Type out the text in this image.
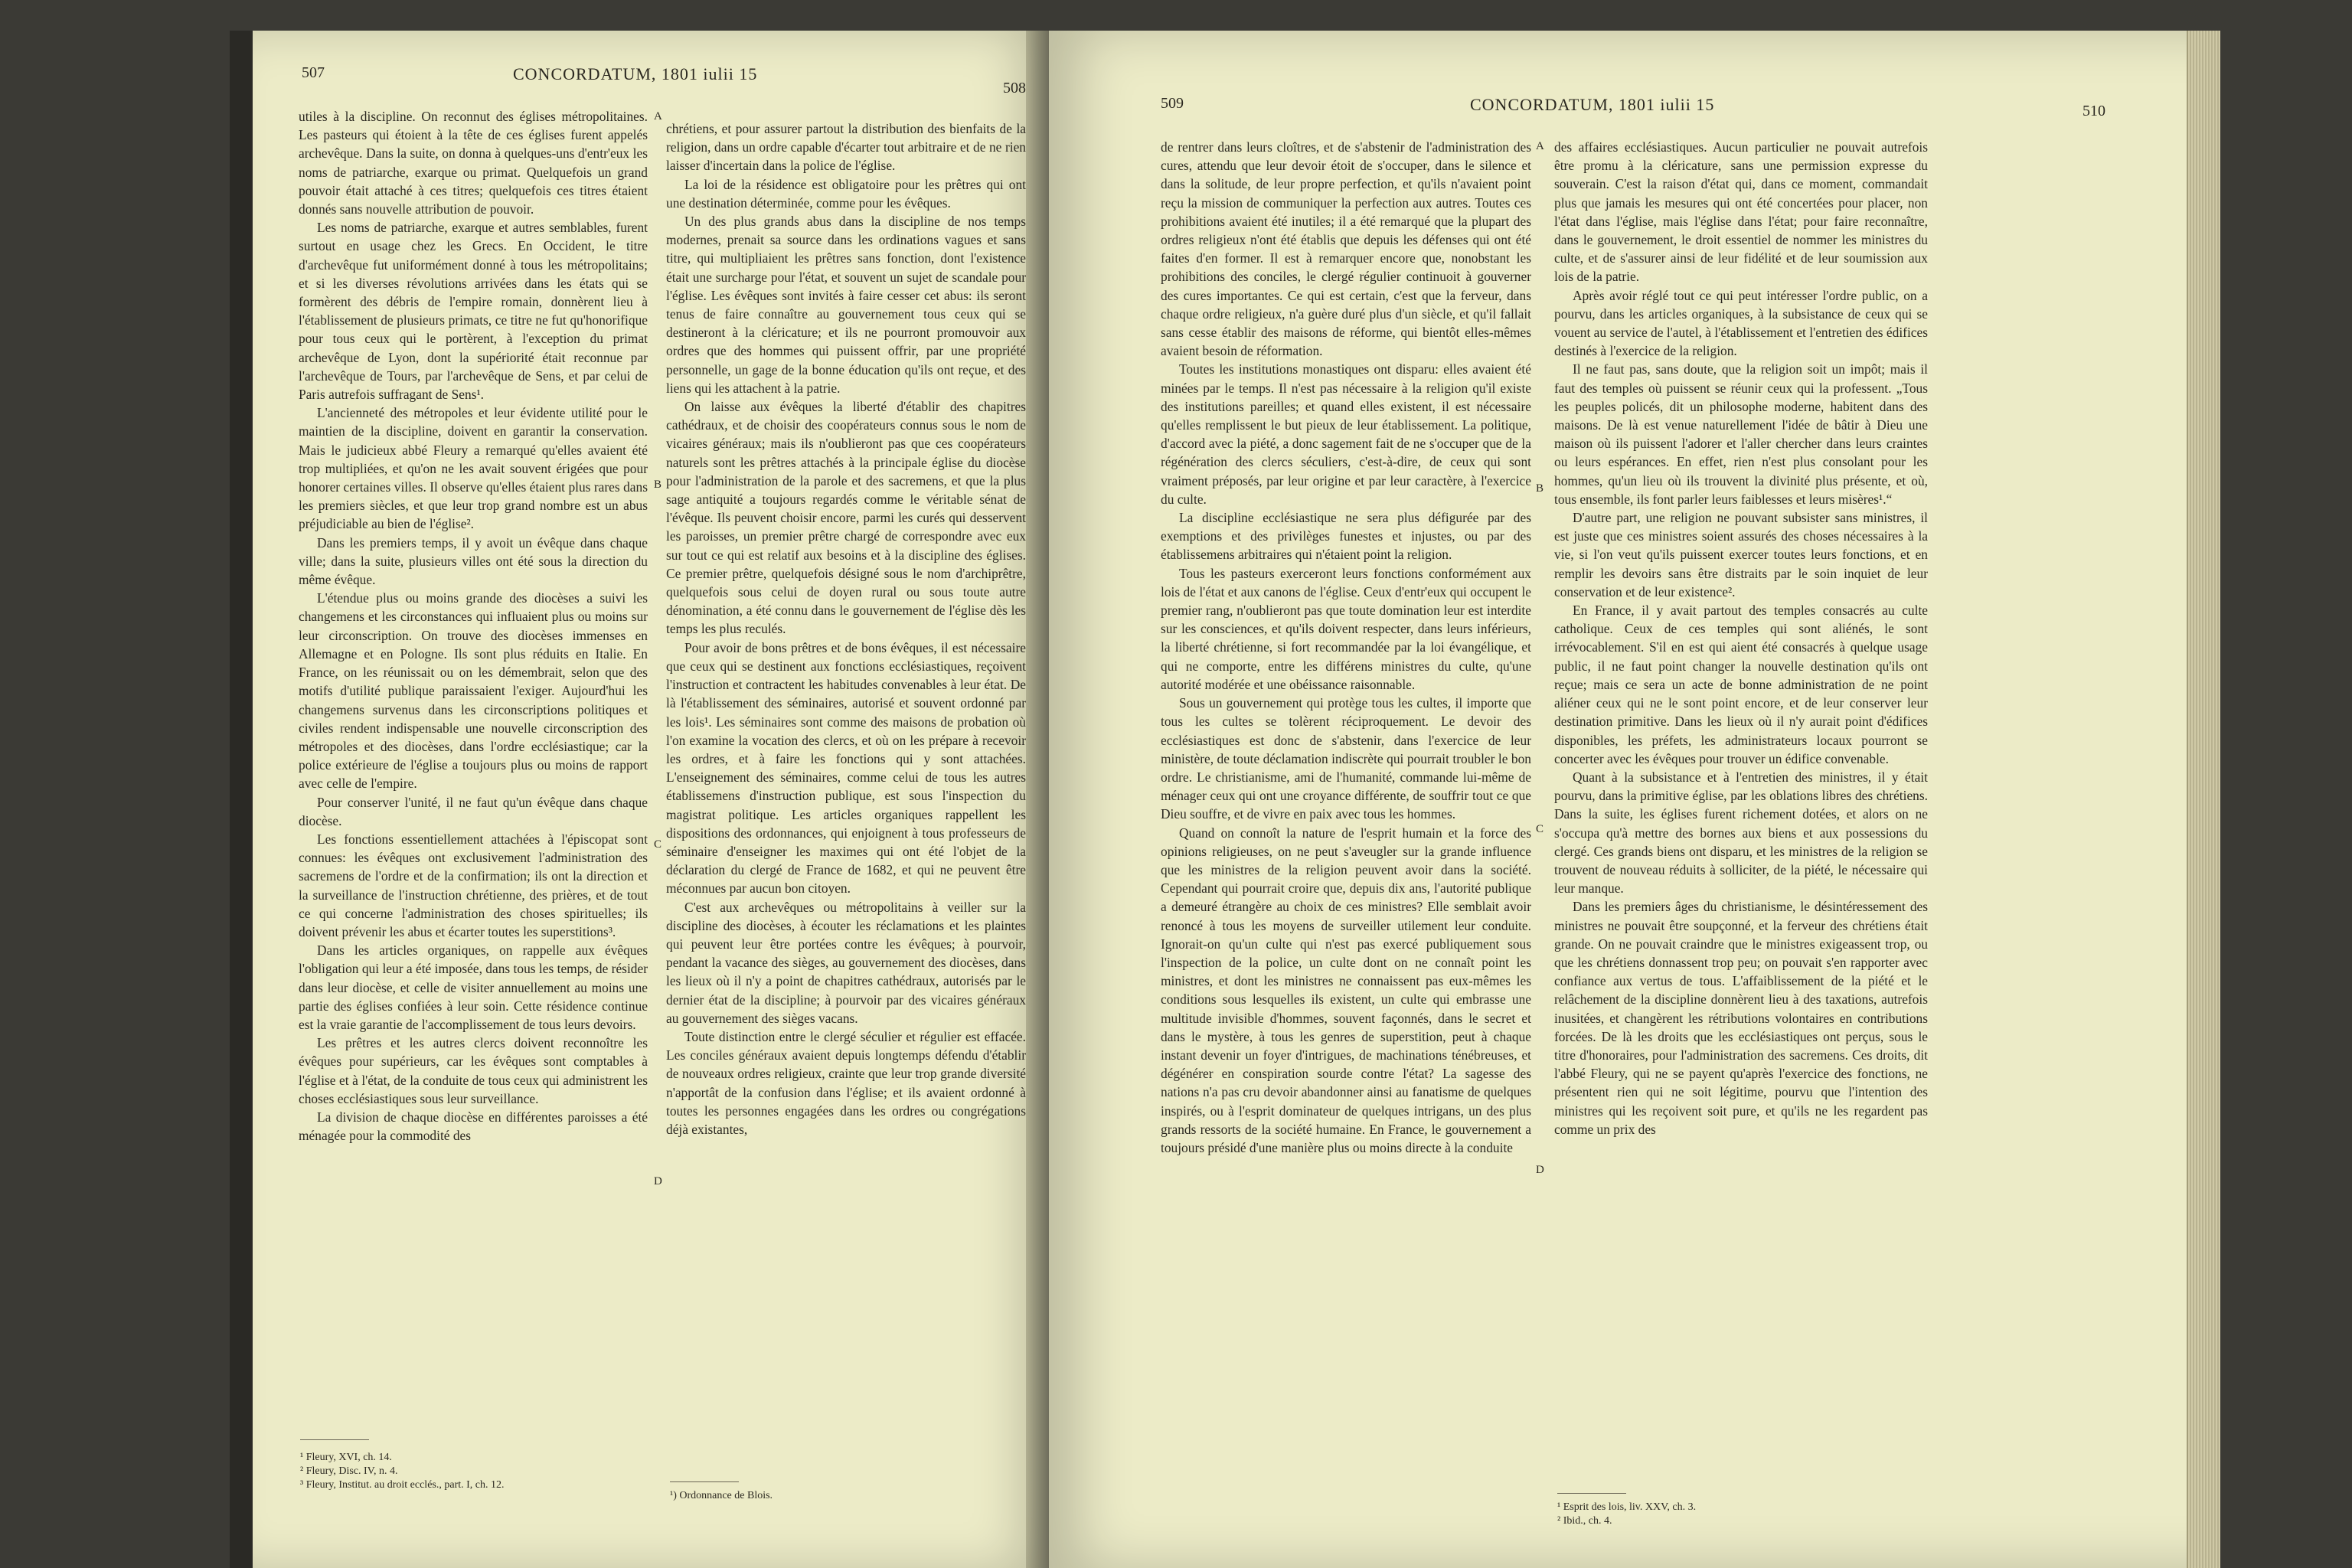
507	CONCORDATUM, 1801 iulii 15
508

utiles à la discipline. On reconnut des églises métropolitaines. Les pasteurs qui étoient à la tête de ces églises furent appelés archevêque. Dans la suite, on donna à quelques-uns d'entr'eux les noms de patriarche, exarque ou primat. Quelquefois un grand pouvoir était attaché à ces titres; quelquefois ces titres étaient donnés sans nouvelle attribution de pouvoir.

Les noms de patriarche, exarque et autres semblables, furent surtout en usage chez les Grecs. En Occident, le titre d'archevêque fut uniformément donné à tous les métropolitains; et si les diverses révolutions arrivées dans les états qui se formèrent des débris de l'empire romain, donnèrent lieu à l'établissement de plusieurs primats, ce titre ne fut qu'honorifique pour tous ceux qui le portèrent, à l'exception du primat archevêque de Lyon, dont la supériorité était reconnue par l'archevêque de Tours, par l'archevêque de Sens, et par celui de Paris autrefois suffragant de Sens¹.

L'ancienneté des métropoles et leur évidente utilité pour le maintien de la discipline, doivent en garantir la conservation. Mais le judicieux abbé Fleury a remarqué qu'elles avaient été trop multipliées, et qu'on ne les avait souvent érigées que pour honorer certaines villes. Il observe qu'elles étaient plus rares dans les premiers siècles, et que leur trop grand nombre est un abus préjudiciable au bien de l'église².

Dans les premiers temps, il y avoit un évêque dans chaque ville; dans la suite, plusieurs villes ont été sous la direction du même évêque.

L'étendue plus ou moins grande des diocèses a suivi les changemens et les circonstances qui influaient plus ou moins sur leur circonscription. On trouve des diocèses immenses en Allemagne et en Pologne. Ils sont plus réduits en Italie. En France, on les réunissait ou on les démembrait, selon que des motifs d'utilité publique paraissaient l'exiger. Aujourd'hui les changemens survenus dans les circonscriptions politiques et civiles rendent indispensable une nouvelle circonscription des métropoles et des diocèses, dans l'ordre ecclésiastique; car la police extérieure de l'église a toujours plus ou moins de rapport avec celle de l'empire.

Pour conserver l'unité, il ne faut qu'un évêque dans chaque diocèse.

Les fonctions essentiellement attachées à l'épiscopat sont connues: les évêques ont exclusivement l'administration des sacremens de l'ordre et de la confirmation; ils ont la direction et la surveillance de l'instruction chrétienne, des prières, et de tout ce qui concerne l'administration des choses spirituelles; ils doivent prévenir les abus et écarter toutes les superstitions³.

Dans les articles organiques, on rappelle aux évêques l'obligation qui leur a été imposée, dans tous les temps, de résider dans leur diocèse, et celle de visiter annuellement au moins une partie des églises confiées à leur soin. Cette résidence continue est la vraie garantie de l'accomplissement de tous leurs devoirs.

Les prêtres et les autres clercs doivent reconnoître les évêques pour supérieurs, car les évêques sont comptables à l'église et à l'état, de la conduite de tous ceux qui administrent les choses ecclésiastiques sous leur surveillance.

La division de chaque diocèse en différentes paroisses a été ménagée pour la commodité des

A
B
C
D
¹ Fleury, XVI, ch. 14.
² Fleury, Disc. IV, n. 4.
³ Fleury, Institut. au droit ecclés., part. I, ch. 12.

chrétiens, et pour assurer partout la distribution des bienfaits de la religion, dans un ordre capable d'écarter tout arbitraire et de ne rien laisser d'incertain dans la police de l'église.

La loi de la résidence est obligatoire pour les prêtres qui ont une destination déterminée, comme pour les évêques.

Un des plus grands abus dans la discipline de nos temps modernes, prenait sa source dans les ordinations vagues et sans titre, qui multipliaient les prêtres sans fonction, dont l'existence était une surcharge pour l'état, et souvent un sujet de scandale pour l'église. Les évêques sont invités à faire cesser cet abus: ils seront tenus de faire connaître au gouvernement tous ceux qui se destineront à la cléricature; et ils ne pourront promouvoir aux ordres que des hommes qui puissent offrir, par une propriété personnelle, un gage de la bonne éducation qu'ils ont reçue, et des liens qui les attachent à la patrie.

On laisse aux évêques la liberté d'établir des chapitres cathédraux, et de choisir des coopérateurs connus sous le nom de vicaires généraux; mais ils n'oublieront pas que ces coopérateurs naturels sont les prêtres attachés à la principale église du diocèse pour l'administration de la parole et des sacremens, et que la plus sage antiquité a toujours regardés comme le véritable sénat de l'évêque. Ils peuvent choisir encore, parmi les curés qui desservent les paroisses, un premier prêtre chargé de correspondre avec eux sur tout ce qui est relatif aux besoins et à la discipline des églises. Ce premier prêtre, quelquefois désigné sous le nom d'archiprêtre, quelquefois sous celui de doyen rural ou sous toute autre dénomination, a été connu dans le gouvernement de l'église dès les temps les plus reculés.

Pour avoir de bons prêtres et de bons évêques, il est nécessaire que ceux qui se destinent aux fonctions ecclésiastiques, reçoivent l'instruction et contractent les habitudes convenables à leur état. De là l'établissement des séminaires, autorisé et souvent ordonné par les lois¹. Les séminaires sont comme des maisons de probation où l'on examine la vocation des clercs, et où on les prépare à recevoir les ordres, et à faire les fonctions qui y sont attachées. L'enseignement des séminaires, comme celui de tous les autres établissemens d'instruction publique, est sous l'inspection du magistrat politique. Les articles organiques rappellent les dispositions des ordonnances, qui enjoignent à tous professeurs de séminaire d'enseigner les maximes qui ont été l'objet de la déclaration du clergé de France de 1682, et qui ne peuvent être méconnues par aucun bon citoyen.

C'est aux archevêques ou métropolitains à veiller sur la discipline des diocèses, à écouter les réclamations et les plaintes qui peuvent leur être portées contre les évêques; à pourvoir, pendant la vacance des sièges, au gouvernement des diocèses, dans les lieux où il n'y a point de chapitres cathédraux, autorisés par le dernier état de la discipline; à pourvoir par des vicaires généraux au gouvernement des sièges vacans.

Toute distinction entre le clergé séculier et régulier est effacée. Les conciles généraux avaient depuis longtemps défendu d'établir de nouveaux ordres religieux, crainte que leur trop grande diversité n'apportât de la confusion dans l'église; et ils avaient ordonné à toutes les personnes engagées dans les ordres ou congrégations déjà existantes,

¹) Ordonnance de Blois.
509	CONCORDATUM, 1801 iulii 15	510

de rentrer dans leurs cloîtres, et de s'abstenir de l'administration des cures, attendu que leur devoir étoit de s'occuper, dans le silence et dans la solitude, de leur propre perfection, et qu'ils n'avaient point reçu la mission de communiquer la perfection aux autres. Toutes ces prohibitions avaient été inutiles; il a été remarqué que la plupart des ordres religieux n'ont été établis que depuis les défenses qui ont été faites d'en former. Il est à remarquer encore que, nonobstant les prohibitions des conciles, le clergé régulier continuoit à gouverner des cures importantes. Ce qui est certain, c'est que la ferveur, dans chaque ordre religieux, n'a guère duré plus d'un siècle, et qu'il fallait sans cesse établir des maisons de réforme, qui bientôt elles-mêmes avaient besoin de réformation.

Toutes les institutions monastiques ont disparu: elles avaient été minées par le temps. Il n'est pas nécessaire à la religion qu'il existe des institutions pareilles; et quand elles existent, il est nécessaire qu'elles remplissent le but pieux de leur établissement. La politique, d'accord avec la piété, a donc sagement fait de ne s'occuper que de la régénération des clercs séculiers, c'est-à-dire, de ceux qui sont vraiment préposés, par leur origine et par leur caractère, à l'exercice du culte.

La discipline ecclésiastique ne sera plus défigurée par des exemptions et des privilèges funestes et injustes, ou par des établissemens arbitraires qui n'étaient point la religion.

Tous les pasteurs exerceront leurs fonctions conformément aux lois de l'état et aux canons de l'église. Ceux d'entr'eux qui occupent le premier rang, n'oublieront pas que toute domination leur est interdite sur les consciences, et qu'ils doivent respecter, dans leurs inférieurs, la liberté chrétienne, si fort recommandée par la loi évangélique, et qui ne comporte, entre les différens ministres du culte, qu'une autorité modérée et une obéissance raisonnable.

Sous un gouvernement qui protège tous les cultes, il importe que tous les cultes se tolèrent réciproquement. Le devoir des ecclésiastiques est donc de s'abstenir, dans l'exercice de leur ministère, de toute déclamation indiscrète qui pourrait troubler le bon ordre. Le christianisme, ami de l'humanité, commande lui-même de ménager ceux qui ont une croyance différente, de souffrir tout ce que Dieu souffre, et de vivre en paix avec tous les hommes.

Quand on connoît la nature de l'esprit humain et la force des opinions religieuses, on ne peut s'aveugler sur la grande influence que les ministres de la religion peuvent avoir dans la société. Cependant qui pourrait croire que, depuis dix ans, l'autorité publique a demeuré étrangère au choix de ces ministres? Elle semblait avoir renoncé à tous les moyens de surveiller utilement leur conduite. Ignorait-on qu'un culte qui n'est pas exercé publiquement sous l'inspection de la police, un culte dont on ne connaît point les ministres, et dont les ministres ne connaissent pas eux-mêmes les conditions sous lesquelles ils existent, un culte qui embrasse une multitude invisible d'hommes, souvent façonnés, dans le secret et dans le mystère, à tous les genres de superstition, peut à chaque instant devenir un foyer d'intrigues, de machinations ténébreuses, et dégénérer en conspiration sourde contre l'état? La sagesse des nations n'a pas cru devoir abandonner ainsi au fanatisme de quelques inspirés, ou à l'esprit dominateur de quelques intrigans, un des plus grands ressorts de la société humaine. En France, le gouvernement a toujours présidé d'une manière plus ou moins directe à la conduite

A
B
C
D

des affaires ecclésiastiques. Aucun particulier ne pouvait autrefois être promu à la cléricature, sans une permission expresse du souverain. C'est la raison d'état qui, dans ce moment, commandait plus que jamais les mesures qui ont été concertées pour placer, non l'état dans l'église, mais l'église dans l'état; pour faire reconnaître, dans le gouvernement, le droit essentiel de nommer les ministres du culte, et de s'assurer ainsi de leur fidélité et de leur soumission aux lois de la patrie.

Après avoir réglé tout ce qui peut intéresser l'ordre public, on a pourvu, dans les articles organiques, à la subsistance de ceux qui se vouent au service de l'autel, à l'établissement et l'entretien des édifices destinés à l'exercice de la religion.

Il ne faut pas, sans doute, que la religion soit un impôt; mais il faut des temples où puissent se réunir ceux qui la professent. „Tous les peuples policés, dit un philosophe moderne, habitent dans des maisons. De là est venue naturellement l'idée de bâtir à Dieu une maison où ils puissent l'adorer et l'aller chercher dans leurs craintes ou leurs espérances. En effet, rien n'est plus consolant pour les hommes, qu'un lieu où ils trouvent la divinité plus présente, et où, tous ensemble, ils font parler leurs faiblesses et leurs misères¹.“

D'autre part, une religion ne pouvant subsister sans ministres, il est juste que ces ministres soient assurés des choses nécessaires à la vie, si l'on veut qu'ils puissent exercer toutes leurs fonctions, et en remplir les devoirs sans être distraits par le soin inquiet de leur conservation et de leur existence².

En France, il y avait partout des temples consacrés au culte catholique. Ceux de ces temples qui sont aliénés, le sont irrévocablement. S'il en est qui aient été consacrés à quelque usage public, il ne faut point changer la nouvelle destination qu'ils ont reçue; mais ce sera un acte de bonne administration de ne point aliéner ceux qui ne le sont point encore, et de leur conserver leur destination primitive. Dans les lieux où il n'y aurait point d'édifices disponibles, les préfets, les administrateurs locaux pourront se concerter avec les évêques pour trouver un édifice convenable.

Quant à la subsistance et à l'entretien des ministres, il y était pourvu, dans la primitive église, par les oblations libres des chrétiens. Dans la suite, les églises furent richement dotées, et alors on ne s'occupa qu'à mettre des bornes aux biens et aux possessions du clergé. Ces grands biens ont disparu, et les ministres de la religion se trouvent de nouveau réduits à solliciter, de la piété, le nécessaire qui leur manque.

Dans les premiers âges du christianisme, le désintéressement des ministres ne pouvait être soupçonné, et la ferveur des chrétiens était grande. On ne pouvait craindre que le ministres exigeassent trop, ou que les chrétiens donnassent trop peu; on pouvait s'en rapporter avec confiance aux vertus de tous. L'affaiblissement de la piété et le relâchement de la discipline donnèrent lieu à des taxations, autrefois inusitées, et changèrent les rétributions volontaires en contributions forcées. De là les droits que les ecclésiastiques ont perçus, sous le titre d'honoraires, pour l'administration des sacremens. Ces droits, dit l'abbé Fleury, qui ne se payent qu'après l'exercice des fonctions, ne présentent rien qui ne soit légitime, pourvu que l'intention des ministres qui les reçoivent soit pure, et qu'ils ne les regardent pas comme un prix des

¹ Esprit des lois, liv. XXV, ch. 3.
² Ibid., ch. 4.
